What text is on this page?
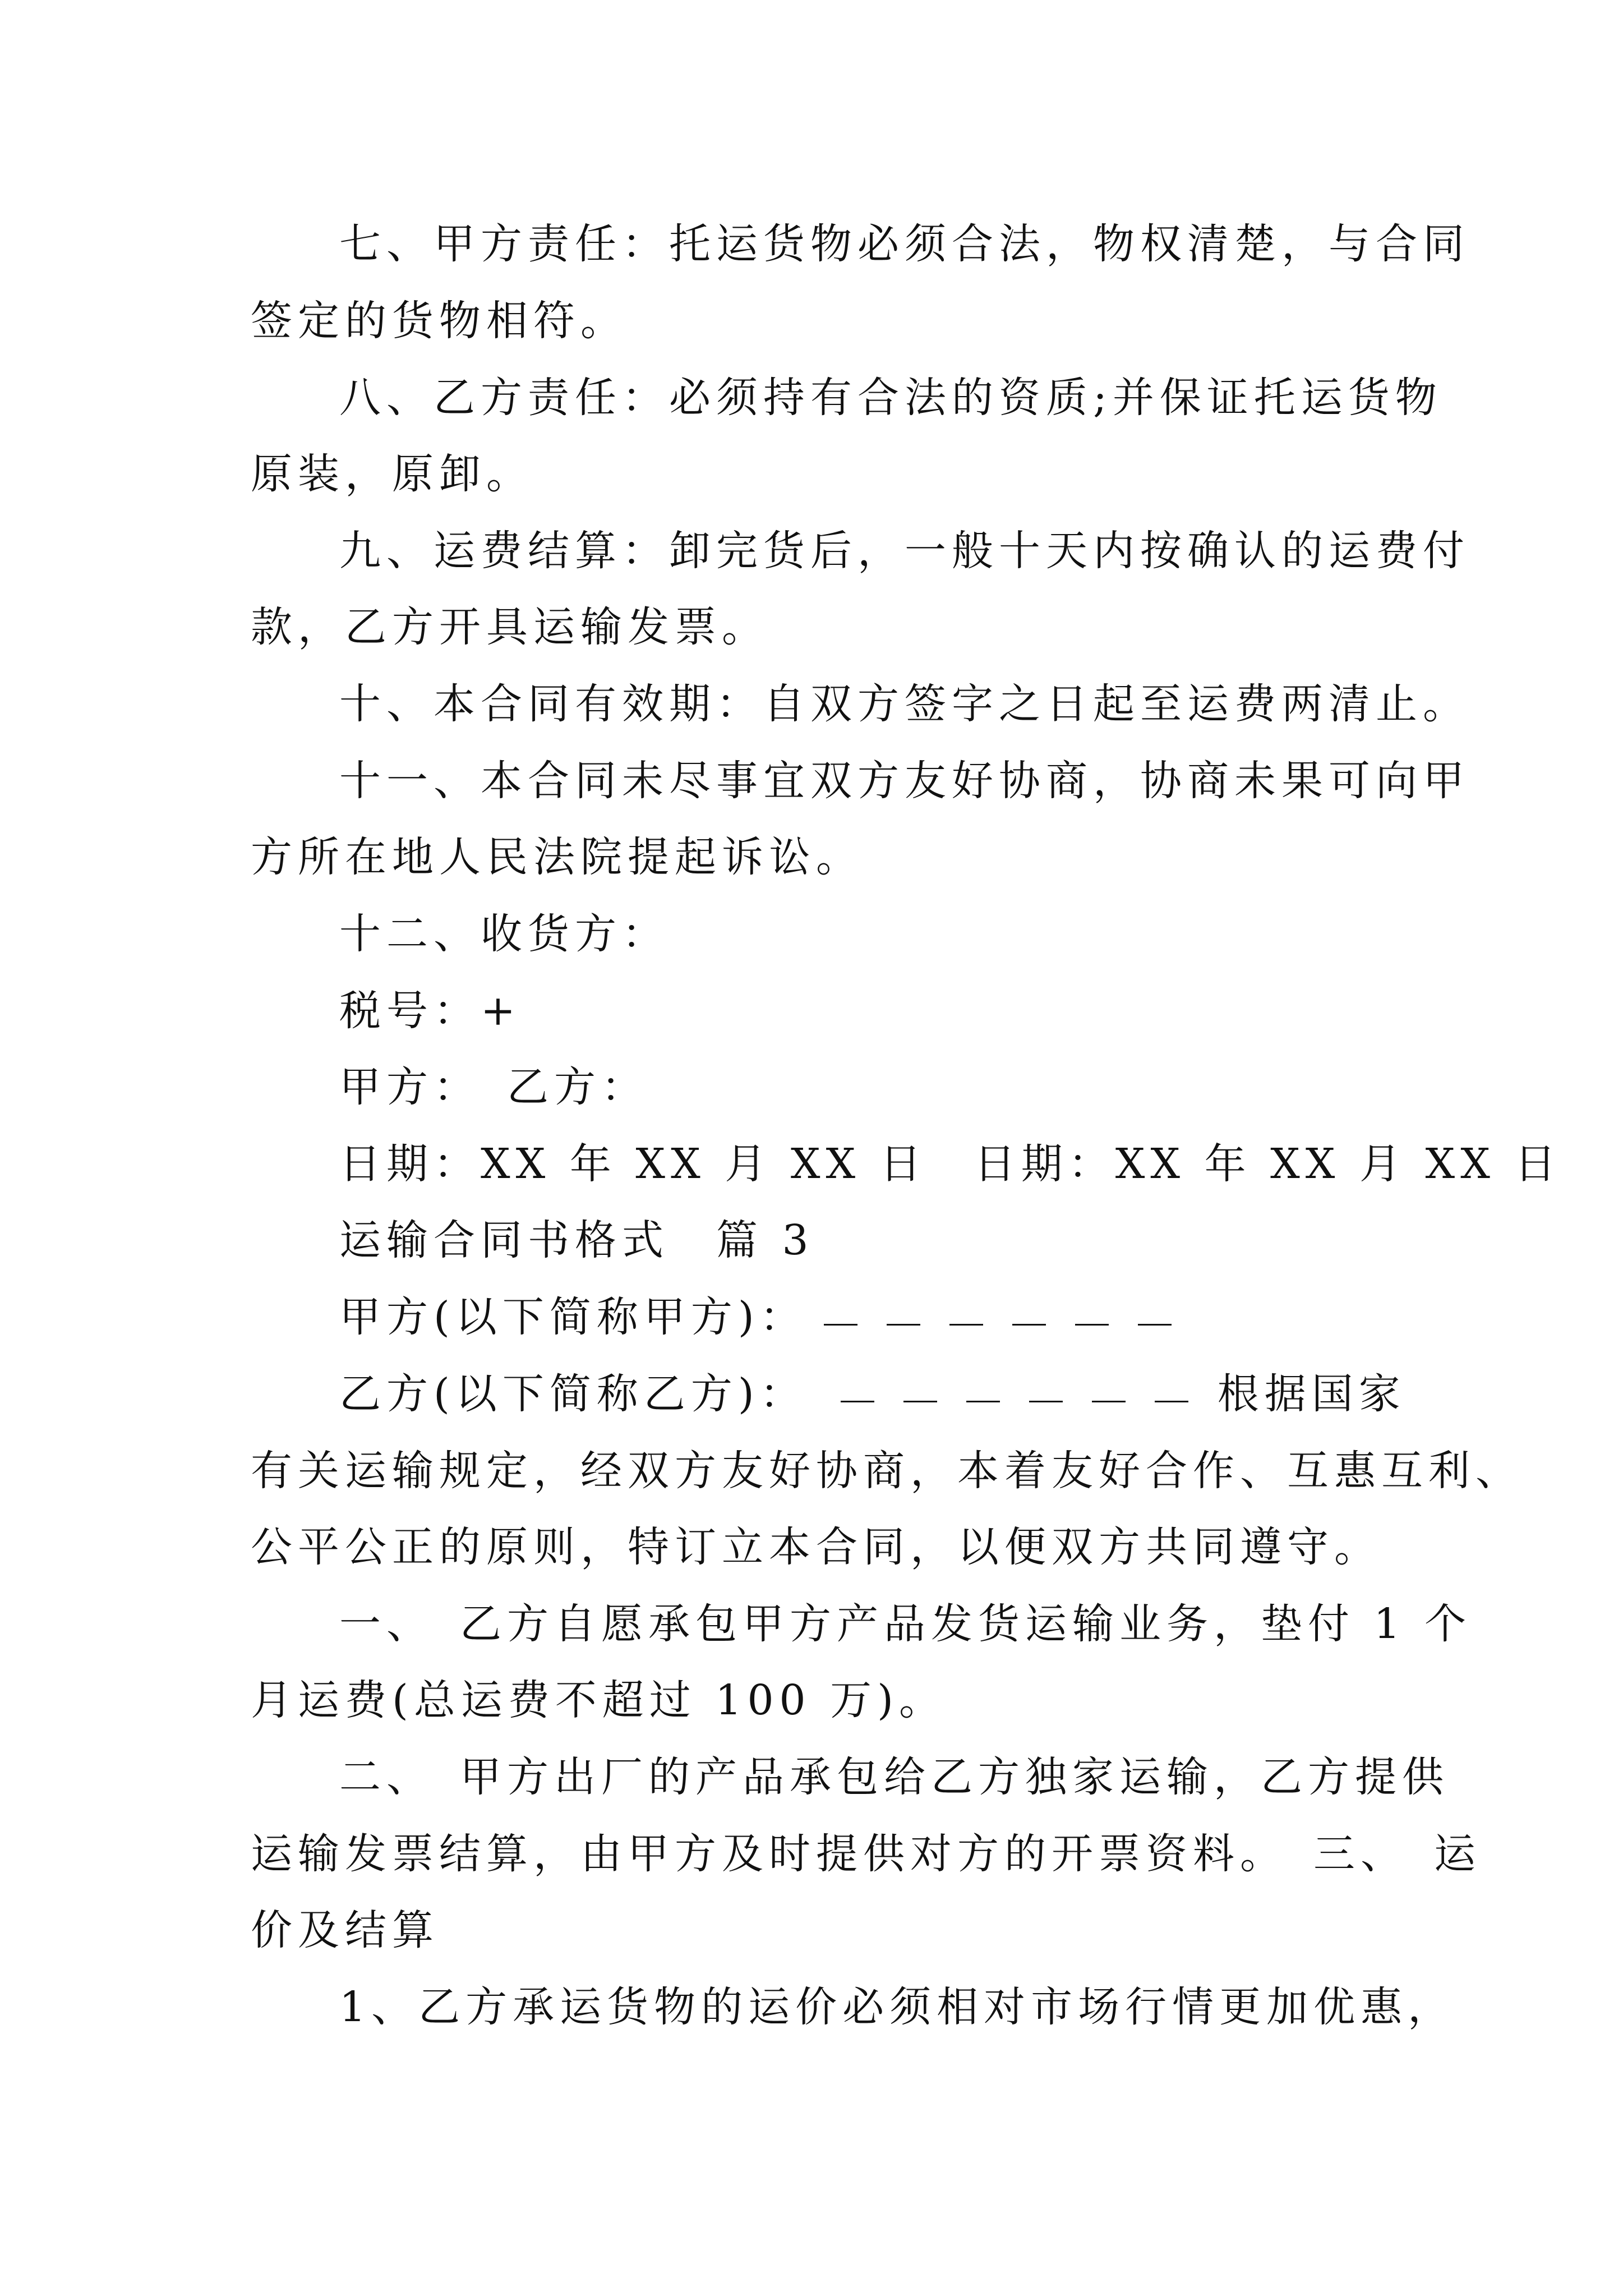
七、甲方责任：托运货物必须合法，物权清楚，与合同
签定的货物相符。
八、乙方责任：必须持有合法的资质;并保证托运货物
原装，原卸。
九、运费结算：卸完货后，一般十天内按确认的运费付
款，乙方开具运输发票。
十、本合同有效期：自双方签字之日起至运费两清止。
十一、本合同未尽事宜双方友好协商，协商未果可向甲
方所在地人民法院提起诉讼。
十二、收货方：
税号：+
甲方：　乙方：
日期：XX 年 XX 月 XX 日　日期：XX 年 XX 月 XX 日
运输合同书格式　篇 3
甲方(以下简称甲方)：
乙方(以下简称乙方)：	根据国家
有关运输规定，经双方友好协商，本着友好合作、互惠互利、
公平公正的原则，特订立本合同，以便双方共同遵守。
一、　乙方自愿承包甲方产品发货运输业务，垫付 1 个
月运费(总运费不超过 100 万)。
二、　甲方出厂的产品承包给乙方独家运输，乙方提供
运输发票结算，由甲方及时提供对方的开票资料。　三、　运
价及结算
1、乙方承运货物的运价必须相对市场行情更加优惠，
